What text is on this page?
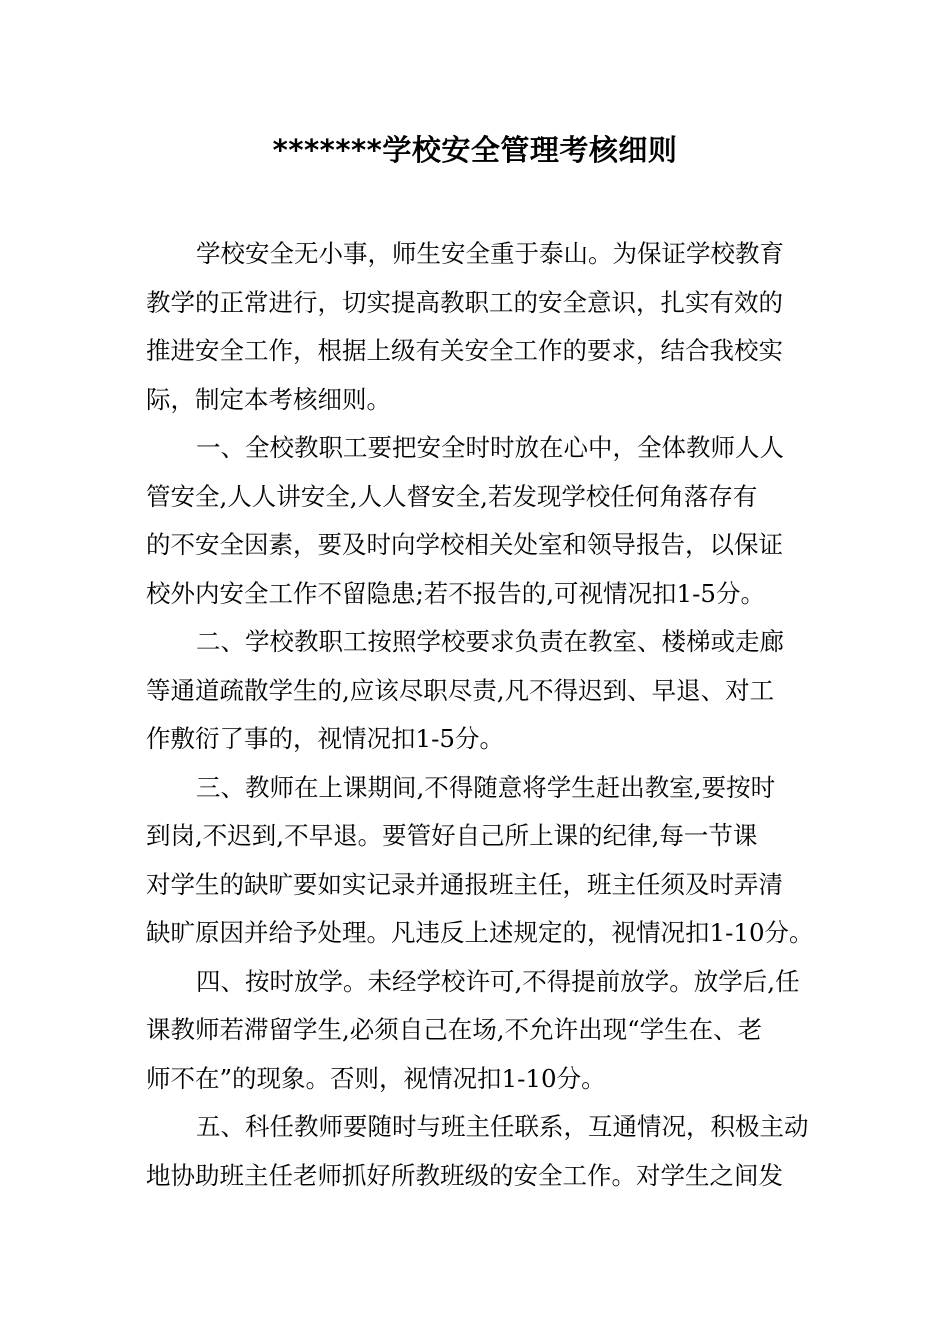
*******学校安全管理考核细则
学校安全无小事，师生安全重于泰山。为保证学校教育
教学的正常进行，切实提高教职工的安全意识，扎实有效的
推进安全工作，根据上级有关安全工作的要求，结合我校实
际，制定本考核细则。
一、全校教职工要把安全时时放在心中，全体教师人人
管安全,人人讲安全,人人督安全,若发现学校任何角落存有
的不安全因素，要及时向学校相关处室和领导报告，以保证
校外内安全工作不留隐患;若不报告的,可视情况扣1-5分。
二、学校教职工按照学校要求负责在教室、楼梯或走廊
等通道疏散学生的,应该尽职尽责,凡不得迟到、早退、对工
作敷衍了事的，视情况扣1-5分。
三、教师在上课期间,不得随意将学生赶出教室,要按时
到岗,不迟到,不早退。要管好自己所上课的纪律,每一节课
对学生的缺旷要如实记录并通报班主任，班主任须及时弄清
缺旷原因并给予处理。凡违反上述规定的，视情况扣1-10分。
四、按时放学。未经学校许可,不得提前放学。放学后,任
课教师若滞留学生,必须自己在场,不允许出现“学生在、老
师不在”的现象。否则，视情况扣1-10分。
五、科任教师要随时与班主任联系，互通情况，积极主动
地协助班主任老师抓好所教班级的安全工作。对学生之间发
